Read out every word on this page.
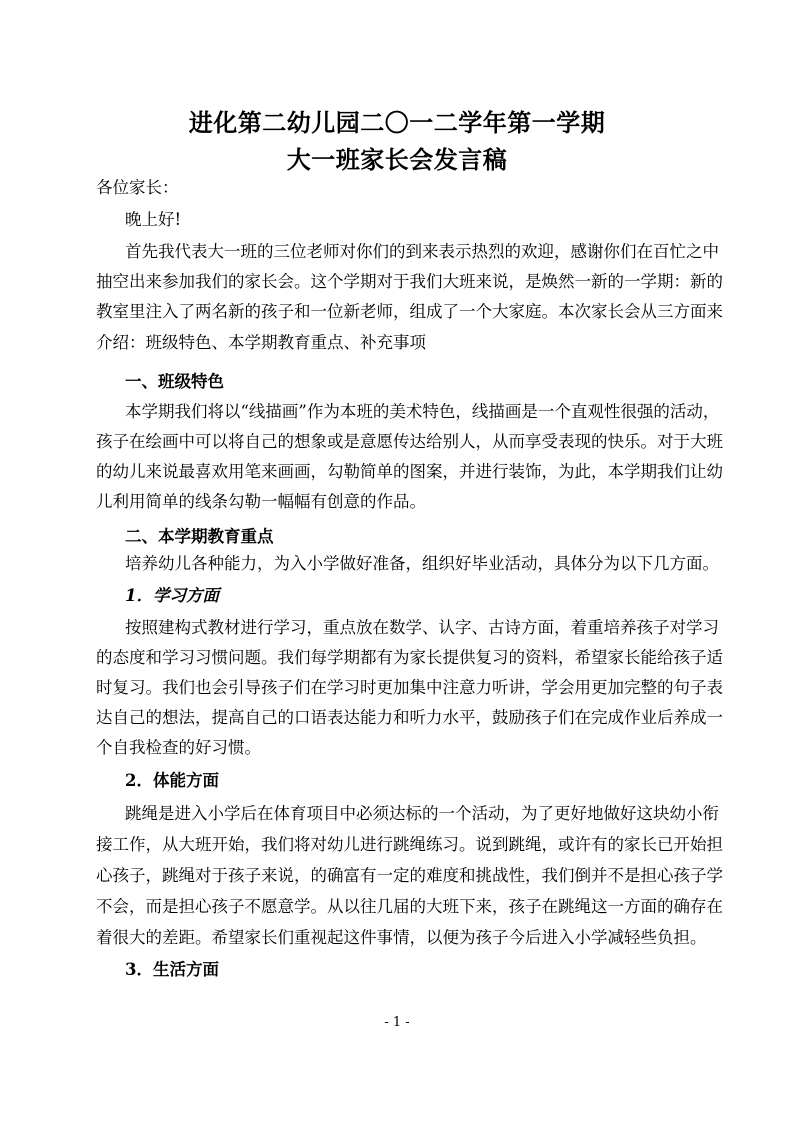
进化第二幼儿园二〇一二学年第一学期
大一班家长会发言稿
各位家长：
晚上好!
首先我代表大一班的三位老师对你们的到来表示热烈的欢迎，感谢你们在百忙之中
抽空出来参加我们的家长会。这个学期对于我们大班来说，是焕然一新的一学期：新的
教室里注入了两名新的孩子和一位新老师，组成了一个大家庭。本次家长会从三方面来
介绍：班级特色、本学期教育重点、补充事项
一、班级特色
本学期我们将以“线描画”作为本班的美术特色，线描画是一个直观性很强的活动，
孩子在绘画中可以将自己的想象或是意愿传达给别人，从而享受表现的快乐。对于大班
的幼儿来说最喜欢用笔来画画，勾勒简单的图案，并进行装饰，为此，本学期我们让幼
儿利用简单的线条勾勒一幅幅有创意的作品。
二、本学期教育重点
培养幼儿各种能力，为入小学做好准备，组织好毕业活动，具体分为以下几方面。
1．学习方面
按照建构式教材进行学习，重点放在数学、认字、古诗方面，着重培养孩子对学习
的态度和学习习惯问题。我们每学期都有为家长提供复习的资料，希望家长能给孩子适
时复习。我们也会引导孩子们在学习时更加集中注意力听讲，学会用更加完整的句子表
达自己的想法，提高自己的口语表达能力和听力水平，鼓励孩子们在完成作业后养成一
个自我检查的好习惯。
2．体能方面
跳绳是进入小学后在体育项目中必须达标的一个活动，为了更好地做好这块幼小衔
接工作，从大班开始，我们将对幼儿进行跳绳练习。说到跳绳，或许有的家长已开始担
心孩子，跳绳对于孩子来说，的确富有一定的难度和挑战性，我们倒并不是担心孩子学
不会，而是担心孩子不愿意学。从以往几届的大班下来，孩子在跳绳这一方面的确存在
着很大的差距。希望家长们重视起这件事情，以便为孩子今后进入小学减轻些负担。
3．生活方面
- 1 -
